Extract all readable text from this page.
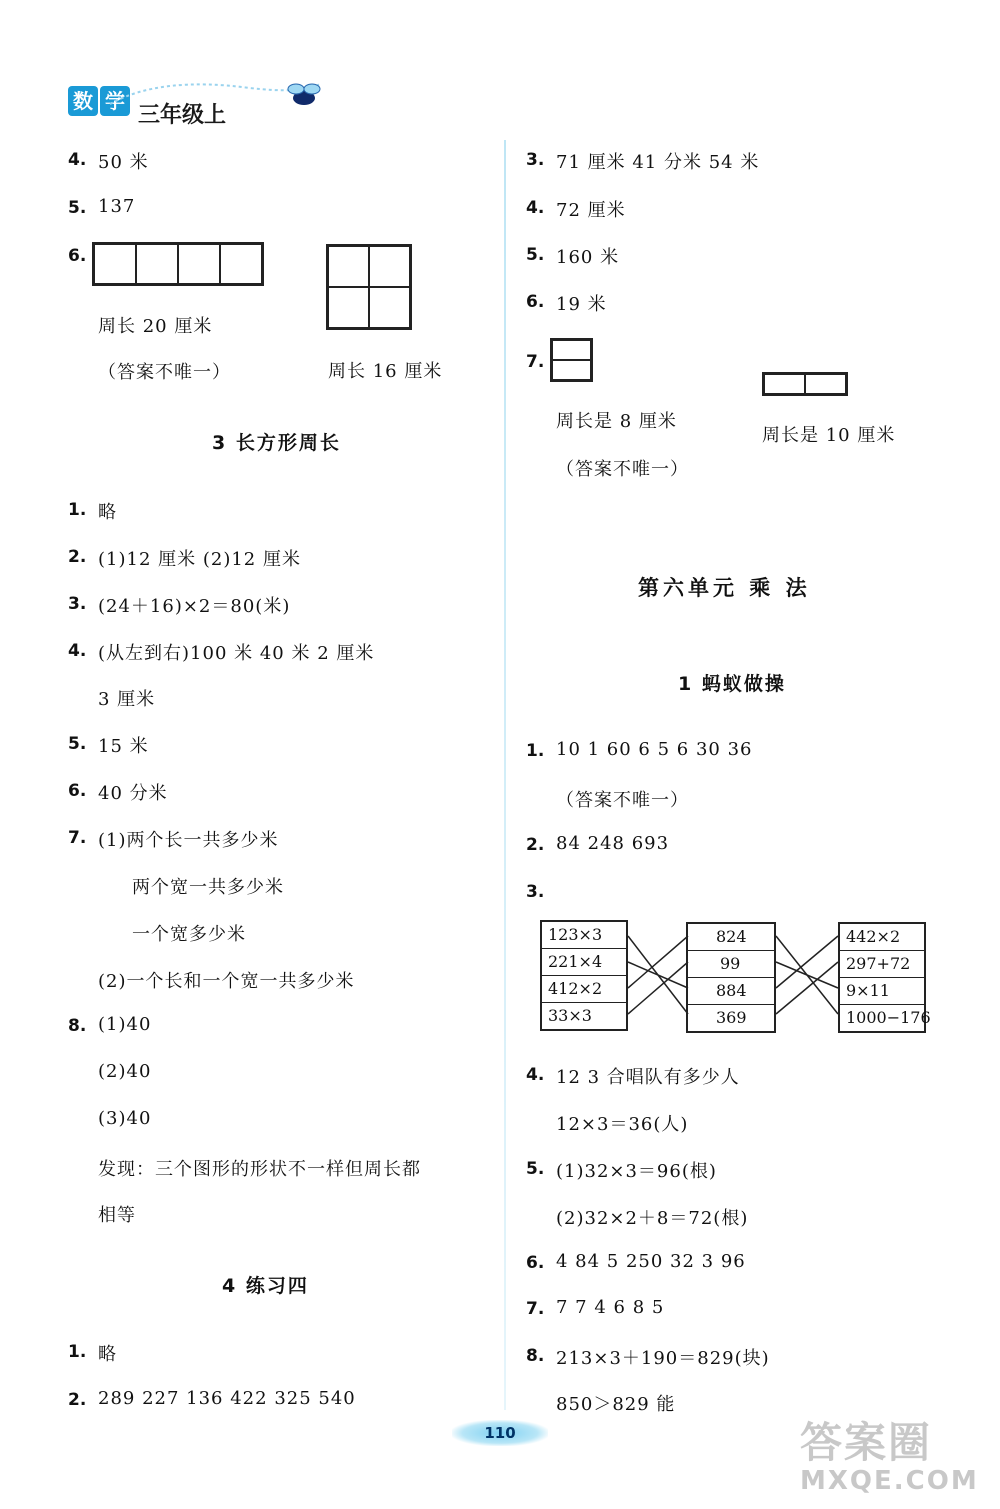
数 学
三年级上
4. 50 米
5. 137
6.
周长 20 厘米
（答案不唯一）
1. 略
2. (1)12 厘米 (2)12 厘米
3. (24＋16)×2＝80(米)
4. (从左到右)100 米 40 米 2 厘米
3 厘米
5. 15 米
6. 40 分米
7. (1)两个长一共多少米
两个宽一共多少米
一个宽多少米
(2)一个长和一个宽一共多少米
8. (1)40
(2)40
(3)40
发现：三个图形的形状不一样但周长都
相等
1. 略
2. 289 227 136 422 325 540
3 长方形周长
4 练习四
周长 16 厘米
3. 71 厘米 41 分米 54 米
4. 72 厘米
5. 160 米
6. 19 米
7.
周长是 8 厘米
（答案不唯一）
1. 10 1 60 6 5 6 30 36
（答案不唯一）
2. 84 248 693
3.
4. 12 3 合唱队有多少人
12×3＝36(人)
5. (1)32×3＝96(根)
(2)32×2＋8＝72(根)
6. 4 84 5 250 32 3 96
7. 7 7 4 6 8 5
8. 213×3＋190＝829(块)
850＞829 能
周长是 10 厘米
第六单元 乘 法
1 蚂蚁做操
123×3
221×4
412×2
33×3
824
99
884
369
442×2
297+72
9×11
1000−176
110	答案圈
MXQE.COM
